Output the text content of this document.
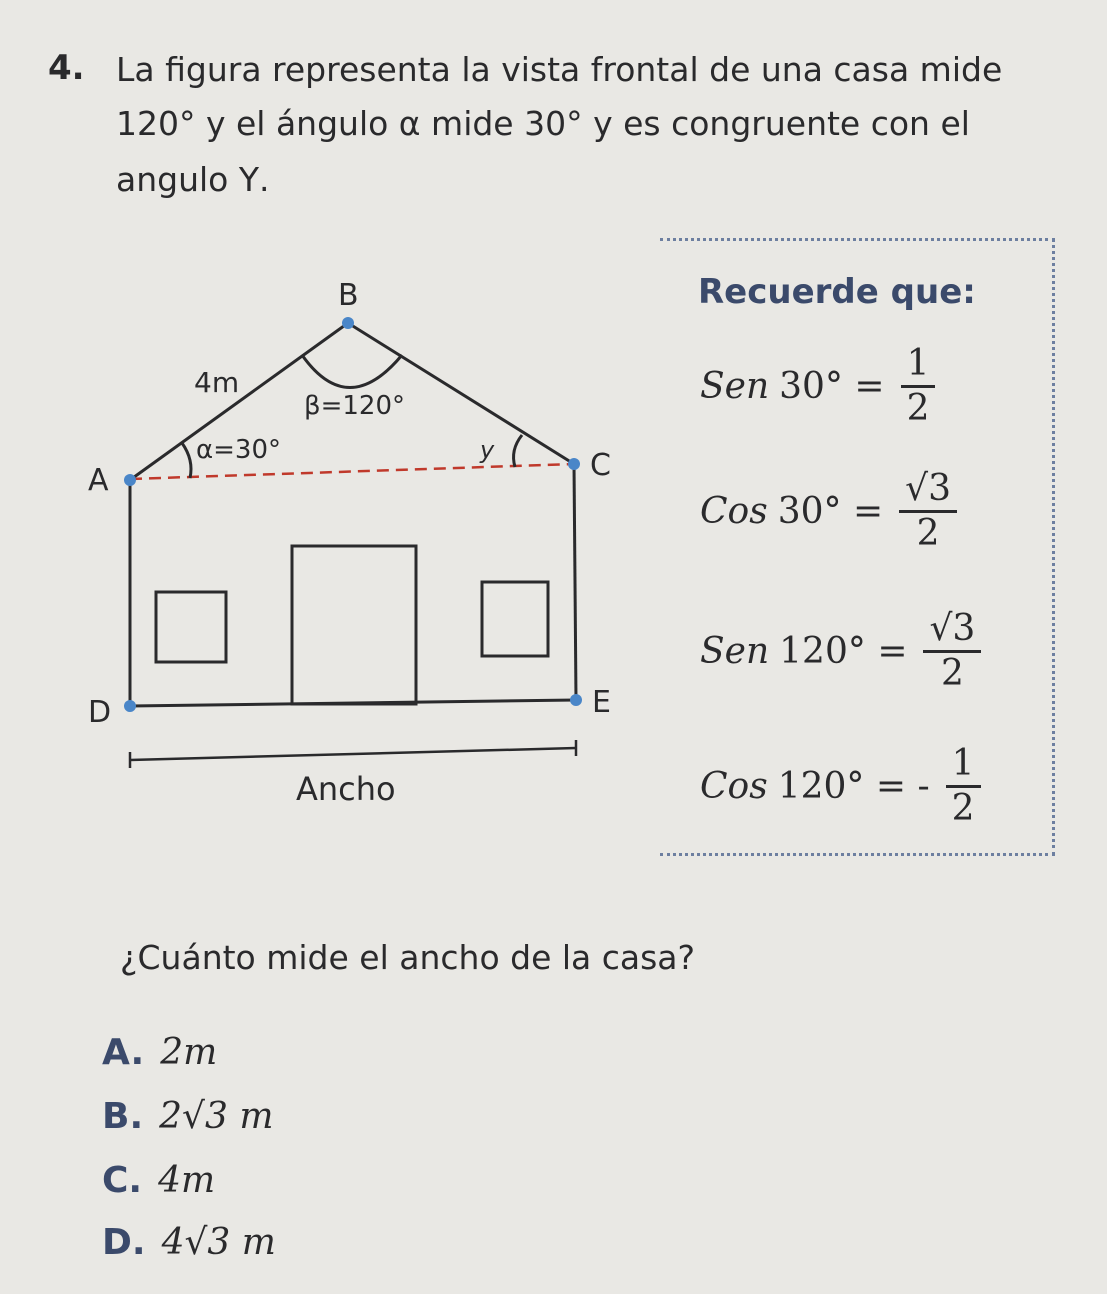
4. La figura representa la vista frontal de una casa mide
120° y el ángulo α mide 30° y es congruente con el
angulo Υ.
B
A	C
D	E
4m
β=120°
α=30°	y
Ancho
Recuerde que:
Sen $30^\circ = \frac{1}{2}$
Cos $30^\circ = \frac{√3}{2}$
Sen $120^\circ = \frac{√3}{2}$
Cos 120° = - $\frac{1}{2}$
¿Cuánto mide el ancho de la casa?
A. 2m
B. 2√3 m
C. 4m
D. 4√3 m
